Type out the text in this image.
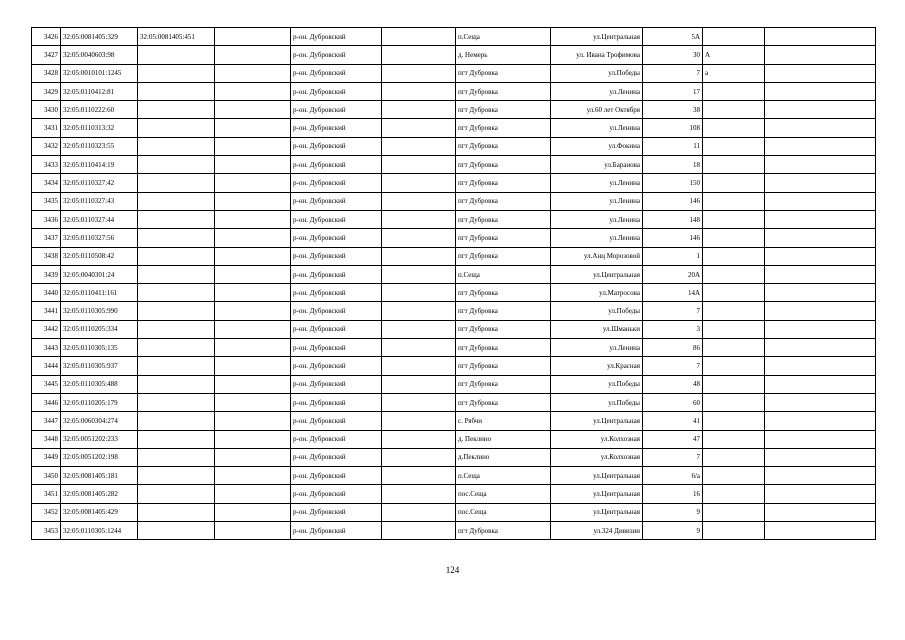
3426	32:05:0081405:329	32:05:0081405:451		р-он. Дубровский		п.Сеща	ул.Центральная	5А		
3427	32:05:0040603:98			р-он. Дубровский		д. Немерь	ул. Ивана Трофимова	30	А	
3428	32:05:0010101:1245			р-он. Дубровский		пгт Дубровка	ул.Победы	7	а	
3429	32:05:0110412:81			р-он. Дубровский		пгт Дубровка	ул.Ленина	17		
3430	32:05:0110222:60			р-он. Дубровский		пгт Дубровка	ул.60 лет Октября	38		
3431	32:05:0110313:32			р-он. Дубровский		пгт Дубровка	ул.Ленина	108		
3432	32:05:0110323:55			р-он. Дубровский		пгт Дубровка	ул.Фокина	11		
3433	32:05:0110414:19			р-он. Дубровский		пгт Дубровка	ул.Баранова	18		
3434	32:05:0110327:42			р-он. Дубровский		пгт Дубровка	ул.Ленина	150		
3435	32:05:0110327:43			р-он. Дубровский		пгт Дубровка	ул.Ленина	146		
3436	32:05:0110327:44			р-он. Дубровский		пгт Дубровка	ул.Ленина	148		
3437	32:05:0110327:56			р-он. Дубровский		пгт Дубровка	ул.Ленина	146		
3438	32:05:0110508:42			р-он. Дубровский		пгт Дубровка	ул.Анц Морозовой	1		
3439	32:05:0040301:24			р-он. Дубровский		п.Сеща	ул.Центральная	20А		
3440	32:05:0110411:161			р-он. Дубровский		пгт Дубровка	ул.Матросова	14А		
3441	32:05:0110305:990			р-он. Дубровский		пгт Дубровка	ул.Победы	7		
3442	32:05:0110205:334			р-он. Дубровский		пгт Дубровка	ул.Шманьки	3		
3443	32:05:0110305:135			р-он. Дубровский		пгт Дубровка	ул.Ленина	86		
3444	32:05:0110305:937			р-он. Дубровский		пгт Дубровка	ул.Красная	7		
3445	32:05:0110305:488			р-он. Дубровский		пгт Дубровка	ул.Победы	48		
3446	32:05:0110205:179			р-он. Дубровский		пгт Дубровка	ул.Победы	60		
3447	32:05:0060304:274			р-он. Дубровский		с. Рябчи	ул.Центральная	41		
3448	32:05:0051202:233			р-он. Дубровский		д. Пеклино	ул.Колхозная	47		
3449	32:05:0051202:198			р-он. Дубровский		д.Пеклино	ул.Колхозная	7		
3450	32:05:0081405:181			р-он. Дубровский		п.Сеща	ул.Центральная	6/а		
3451	32:05:0081405:282			р-он. Дубровский		пос.Сеща	ул.Центральная	16		
3452	32:05:0081405:429			р-он. Дубровский		пос.Сеща	ул.Центральная	9		
3453	32:05:0110305:1244			р-он. Дубровский		пгт Дубровка	ул.324 Дивизии	9		
124
